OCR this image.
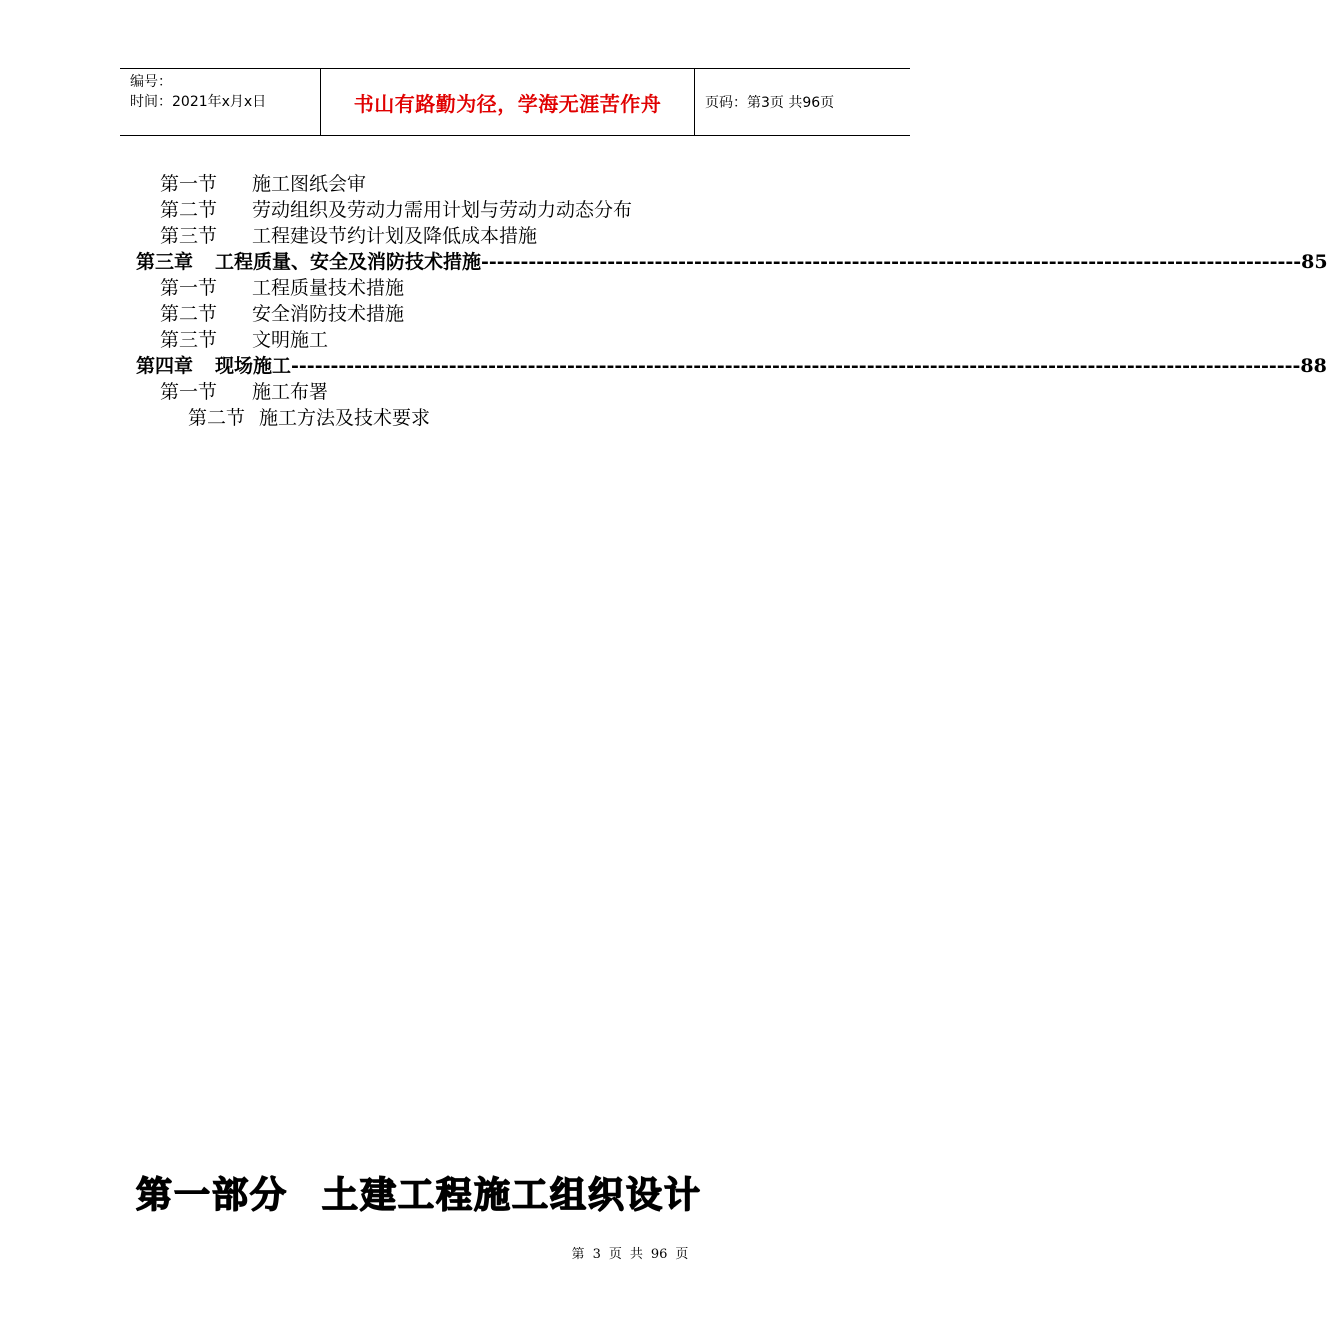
编号：
时间：2021年x月x日	书山有路勤为径，学海无涯苦作舟	页码：第3页 共96页
第一节 施工图纸会审
第二节 劳动组织及劳动力需用计划与劳动力动态分布
第三节 工程建设节约计划及降低成本措施
第三章 工程质量、安全及消防技术措施 -------------------------------------------------------------------------------------------------------- 85
第一节 工程质量技术措施
第二节 安全消防技术措施
第三节 文明施工
第四章 现场施工 -------------------------------------------------------------------------------------------------------------------------------- 88
第一节 施工布署
第二节 施工方法及技术要求
第一部分 土建工程施工组织设计
第 3 页 共 96 页
